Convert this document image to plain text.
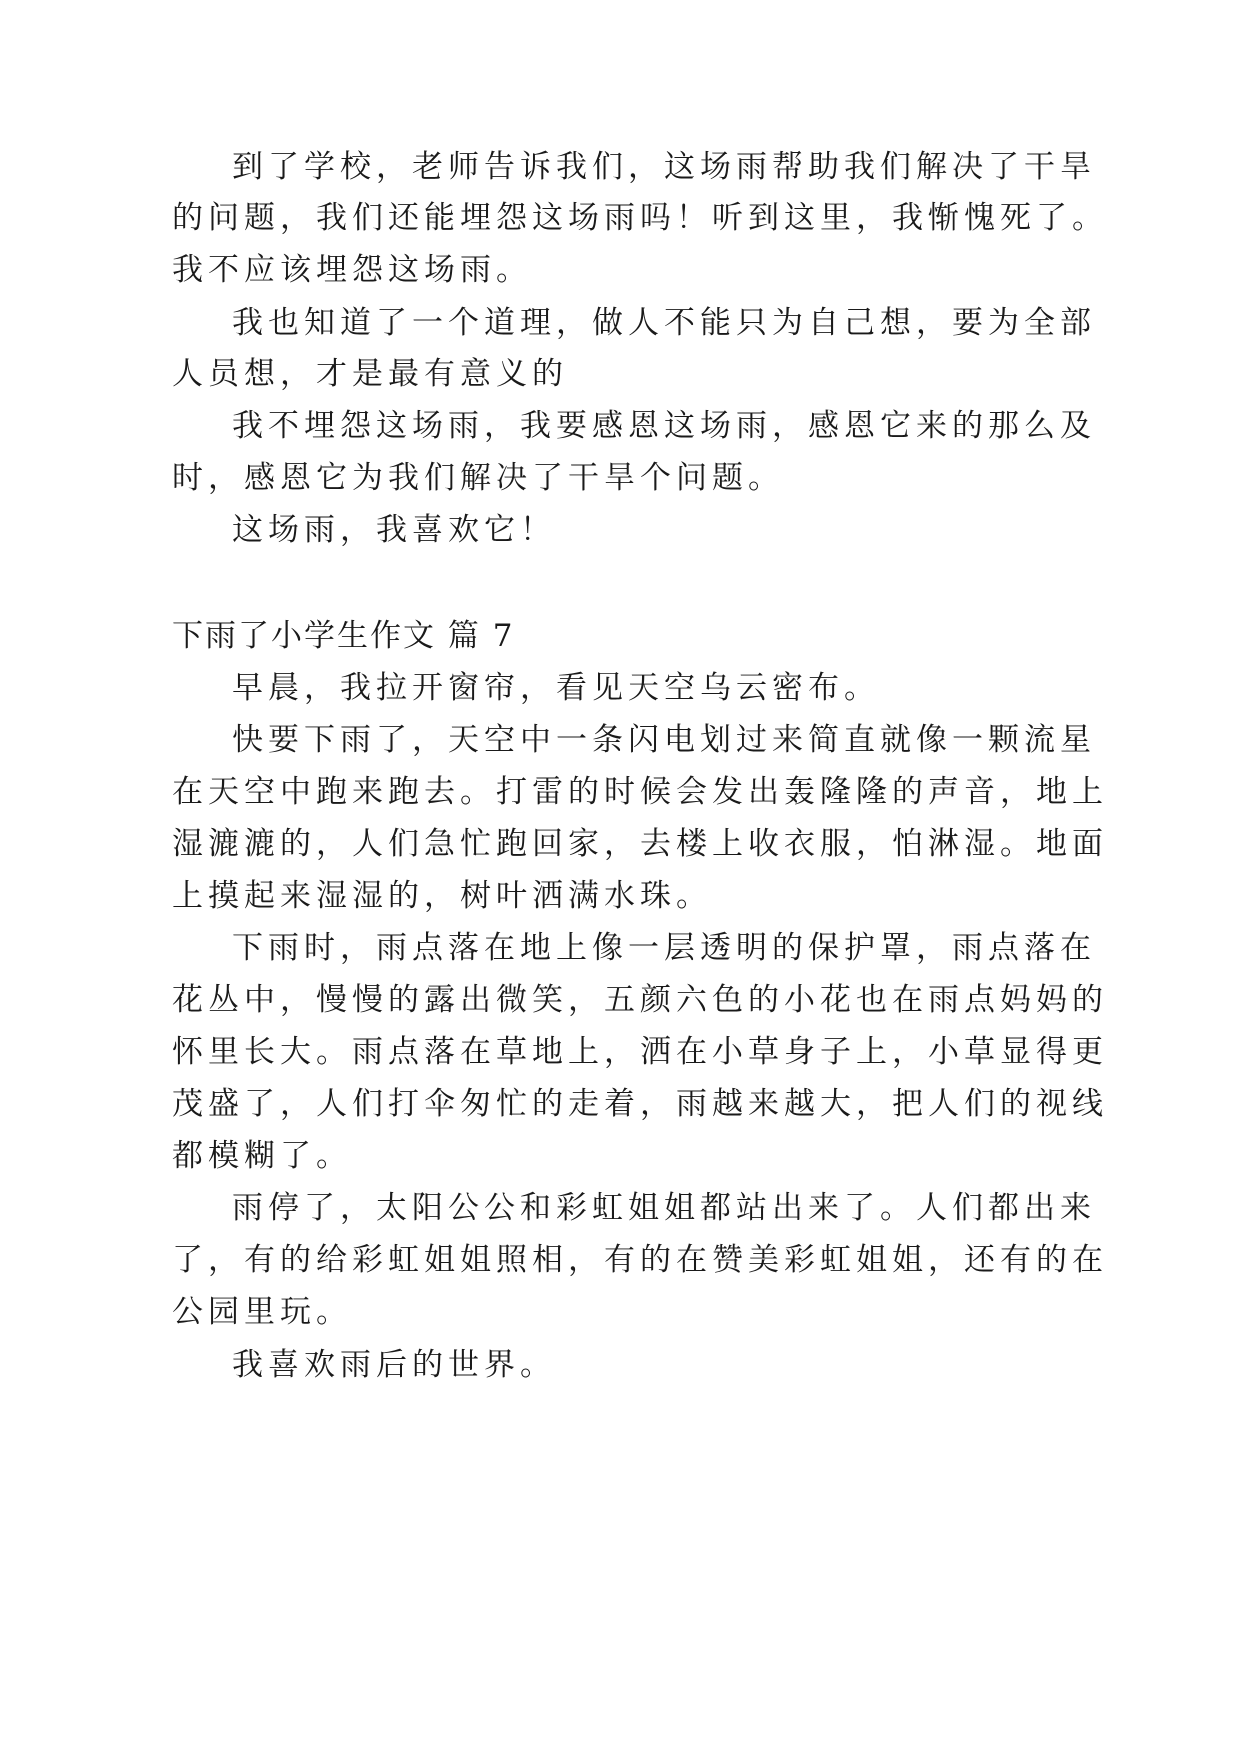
到了学校，老师告诉我们，这场雨帮助我们解决了干旱
的问题，我们还能埋怨这场雨吗！听到这里，我惭愧死了。
我不应该埋怨这场雨。
我也知道了一个道理，做人不能只为自己想，要为全部
人员想，才是最有意义的
我不埋怨这场雨，我要感恩这场雨，感恩它来的那么及
时，感恩它为我们解决了干旱个问题。
这场雨，我喜欢它！
下雨了小学生作文 篇 7
早晨，我拉开窗帘，看见天空乌云密布。
快要下雨了，天空中一条闪电划过来简直就像一颗流星
在天空中跑来跑去。打雷的时候会发出轰隆隆的声音，地上
湿漉漉的，人们急忙跑回家，去楼上收衣服，怕淋湿。地面
上摸起来湿湿的，树叶洒满水珠。
下雨时，雨点落在地上像一层透明的保护罩，雨点落在
花丛中，慢慢的露出微笑，五颜六色的小花也在雨点妈妈的
怀里长大。雨点落在草地上，洒在小草身子上，小草显得更
茂盛了，人们打伞匆忙的走着，雨越来越大，把人们的视线
都模糊了。
雨停了，太阳公公和彩虹姐姐都站出来了。人们都出来
了，有的给彩虹姐姐照相，有的在赞美彩虹姐姐，还有的在
公园里玩。
我喜欢雨后的世界。
